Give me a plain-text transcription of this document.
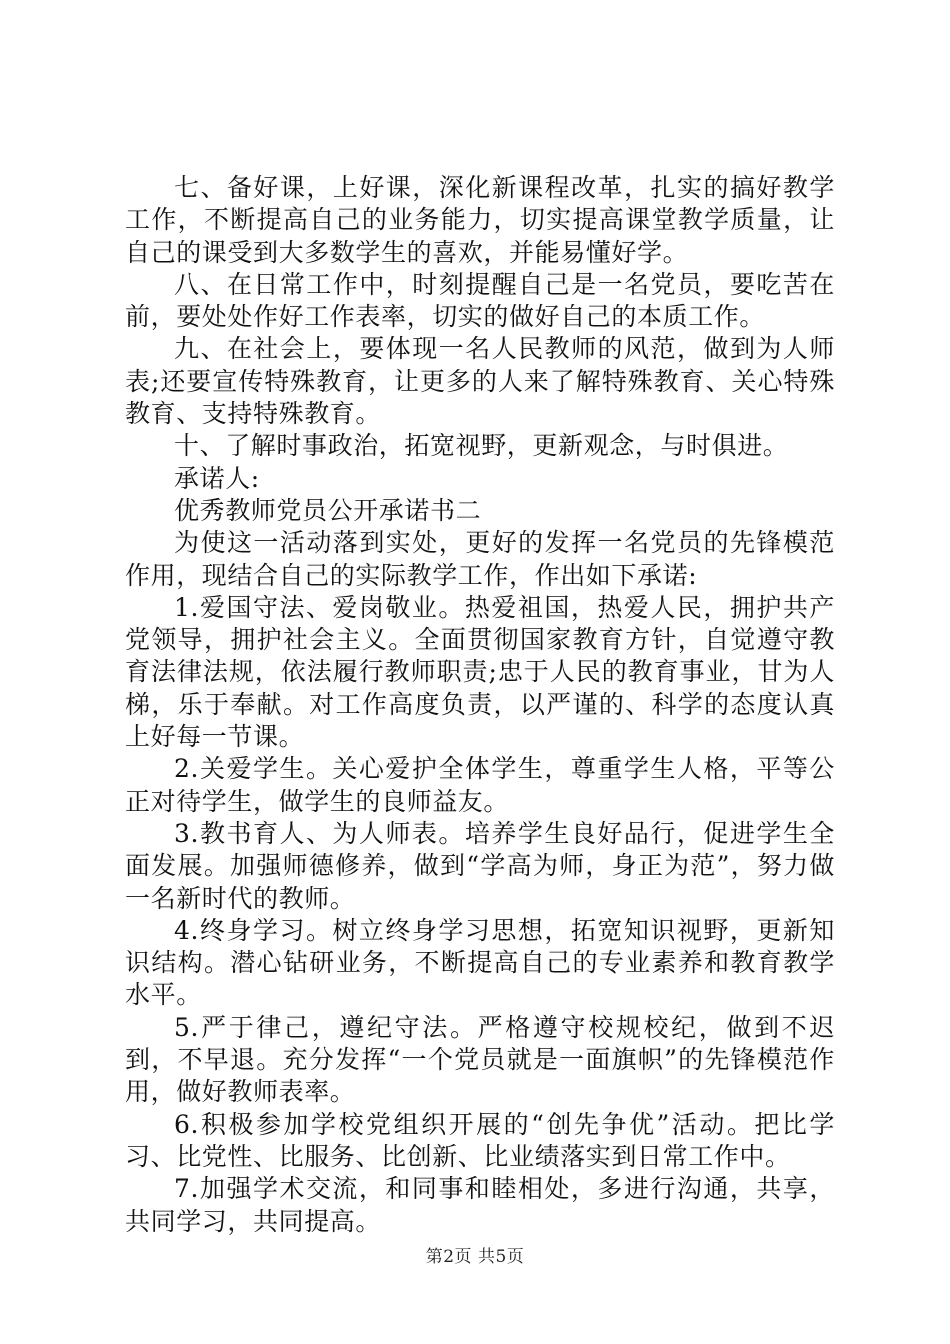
七、备好课，上好课，深化新课程改革，扎实的搞好教学工作，不断提高自己的业务能力，切实提高课堂教学质量，让自己的课受到大多数学生的喜欢，并能易懂好学。

八、在日常工作中，时刻提醒自己是一名党员，要吃苦在前，要处处作好工作表率，切实的做好自己的本质工作。

九、在社会上，要体现一名人民教师的风范，做到为人师表;还要宣传特殊教育，让更多的人来了解特殊教育、关心特殊教育、支持特殊教育。

十、了解时事政治，拓宽视野，更新观念，与时俱进。

承诺人:

优秀教师党员公开承诺书二

为使这一活动落到实处，更好的发挥一名党员的先锋模范作用，现结合自己的实际教学工作，作出如下承诺:

1.爱国守法、爱岗敬业。热爱祖国，热爱人民，拥护共产党领导，拥护社会主义。全面贯彻国家教育方针，自觉遵守教育法律法规，依法履行教师职责;忠于人民的教育事业，甘为人梯，乐于奉献。对工作高度负责，以严谨的、科学的态度认真上好每一节课。

2.关爱学生。关心爱护全体学生，尊重学生人格，平等公正对待学生，做学生的良师益友。

3.教书育人、为人师表。培养学生良好品行，促进学生全面发展。加强师德修养，做到“学高为师，身正为范”，努力做一名新时代的教师。

4.终身学习。树立终身学习思想，拓宽知识视野，更新知识结构。潜心钻研业务，不断提高自己的专业素养和教育教学水平。

5.严于律己，遵纪守法。严格遵守校规校纪，做到不迟到，不早退。充分发挥“一个党员就是一面旗帜”的先锋模范作用，做好教师表率。

6.积极参加学校党组织开展的“创先争优”活动。把比学习、比党性、比服务、比创新、比业绩落实到日常工作中。

7.加强学术交流，和同事和睦相处，多进行沟通，共享，共同学习，共同提高。

第2页 共5页
